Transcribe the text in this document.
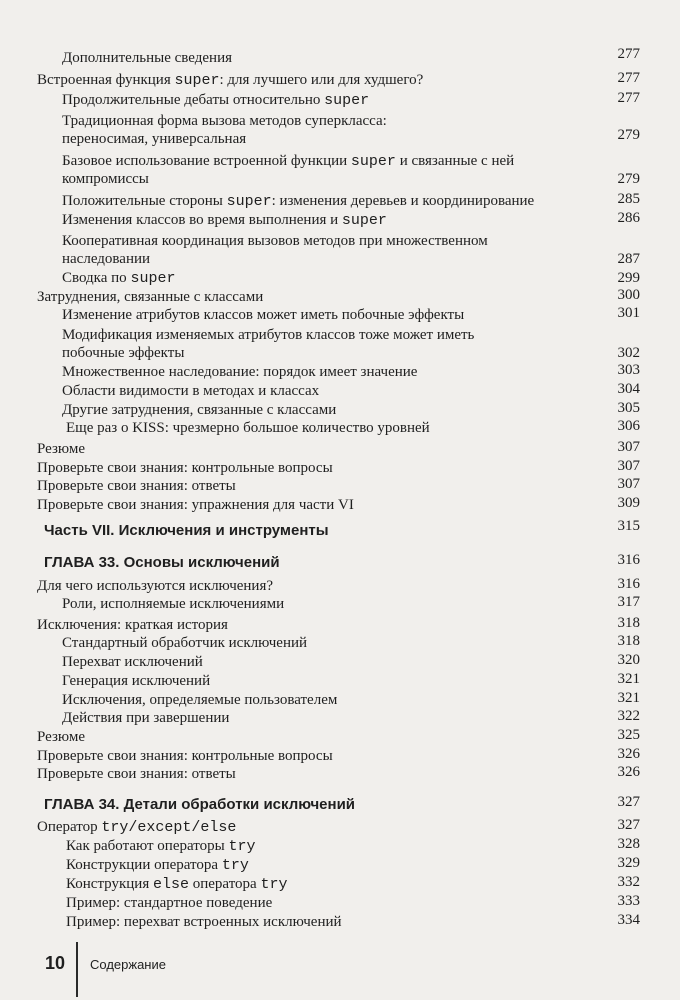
Дополнительные сведения	277
Встроенная функция super: для лучшего или для худшего?	277
Продолжительные дебаты относительно super	277
Традиционная форма вызова методов суперкласса:
переносимая, универсальная	279
Базовое использование встроенной функции super и связанные с ней
компромиссы	279
Положительные стороны super: изменения деревьев и координирование	285
Изменения классов во время выполнения и super	286
Кооперативная координация вызовов методов при множественном
наследовании	287
Сводка по super	299
Затруднения, связанные с классами	300
Изменение атрибутов классов может иметь побочные эффекты	301
Модификация изменяемых атрибутов классов тоже может иметь
побочные эффекты	302
Множественное наследование: порядок имеет значение	303
Области видимости в методах и классах	304
Другие затруднения, связанные с классами	305
Еще раз о KISS: чрезмерно большое количество уровней	306
Резюме	307
Проверьте свои знания: контрольные вопросы	307
Проверьте свои знания: ответы	307
Проверьте свои знания: упражнения для части VI	309
Часть VII. Исключения и инструменты	315
ГЛАВА 33. Основы исключений	316
Для чего используются исключения?	316
Роли, исполняемые исключениями	317
Исключения: краткая история	318
Стандартный обработчик исключений	318
Перехват исключений	320
Генерация исключений	321
Исключения, определяемые пользователем	321
Действия при завершении	322
Резюме	325
Проверьте свои знания: контрольные вопросы	326
Проверьте свои знания: ответы	326
ГЛАВА 34. Детали обработки исключений	327
Оператор try/except/else	327
Как работают операторы try	328
Конструкции оператора try	329
Конструкция else оператора try	332
Пример: стандартное поведение	333
Пример: перехват встроенных исключений	334
10 Содержание
